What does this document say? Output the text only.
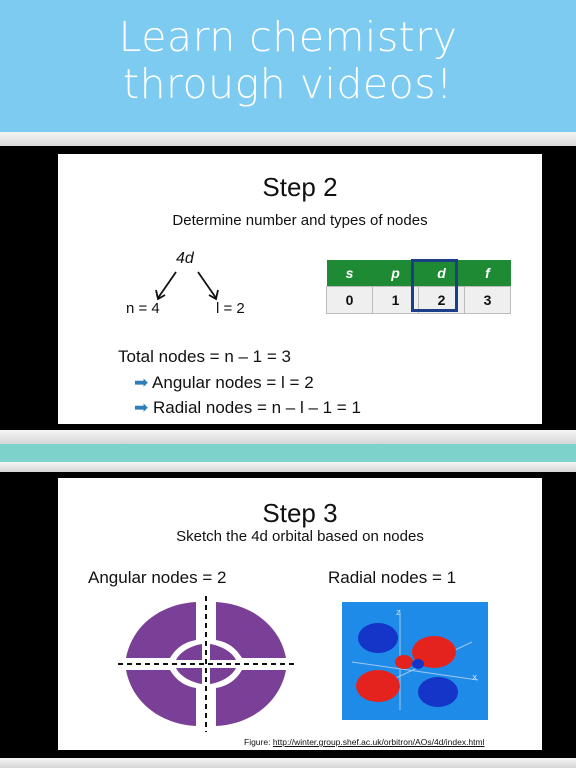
Learn chemistry
through videos!
Step 2
Determine number and types of nodes
4d
n = 4	l = 2
s	p	d	f
0	1	2	3
Total nodes = n – 1 = 3
➡ Angular nodes = l = 2
➡ Radial nodes = n – l – 1 = 1
Step 3
Sketch the 4d orbital based on nodes
Angular nodes = 2	Radial nodes = 1
z
x
Figure: http://winter.group.shef.ac.uk/orbitron/AOs/4d/index.html
